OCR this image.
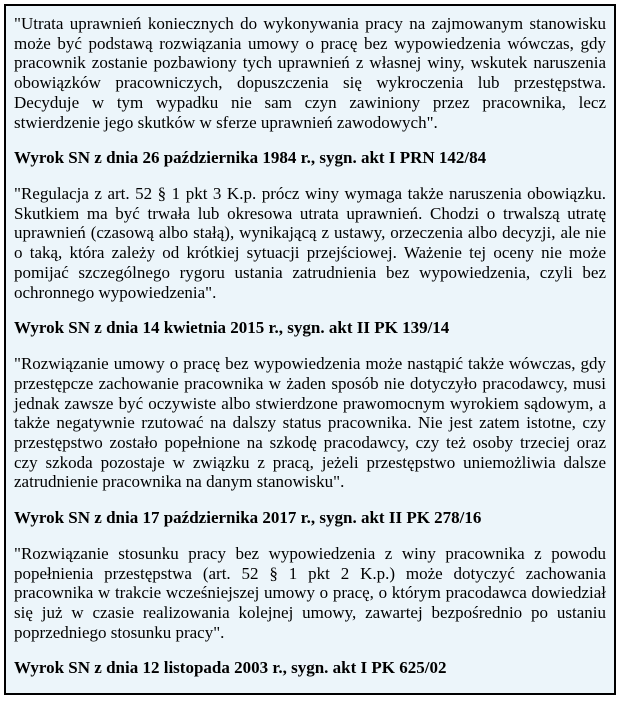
"Utrata uprawnień koniecznych do wykonywania pracy na zajmowanym stanowisku może być podstawą rozwiązania umowy o pracę bez wypowiedzenia wówczas, gdy pracownik zostanie pozbawiony tych uprawnień z własnej winy, wskutek naruszenia obowiązków pracowniczych, dopuszczenia się wykroczenia lub przestępstwa. Decyduje w tym wypadku nie sam czyn zawiniony przez pracownika, lecz stwierdzenie jego skutków w sferze uprawnień zawodowych".

Wyrok SN z dnia 26 października 1984 r., sygn. akt I PRN 142/84

"Regulacja z art. 52 § 1 pkt 3 K.p. prócz winy wymaga także naruszenia obowiązku. Skutkiem ma być trwała lub okresowa utrata uprawnień. Chodzi o trwalszą utratę uprawnień (czasową albo stałą), wynikającą z ustawy, orzeczenia albo decyzji, ale nie o taką, która zależy od krótkiej sytuacji przejściowej. Ważenie tej oceny nie może pomijać szczególnego rygoru ustania zatrudnienia bez wypowiedzenia, czyli bez ochronnego wypowiedzenia".

Wyrok SN z dnia 14 kwietnia 2015 r., sygn. akt II PK 139/14

"Rozwiązanie umowy o pracę bez wypowiedzenia może nastąpić także wówczas, gdy przestępcze zachowanie pracownika w żaden sposób nie dotyczyło pracodawcy, musi jednak zawsze być oczywiste albo stwierdzone prawomocnym wyrokiem sądowym, a także negatywnie rzutować na dalszy status pracownika. Nie jest zatem istotne, czy przestępstwo zostało popełnione na szkodę pracodawcy, czy też osoby trzeciej oraz czy szkoda pozostaje w związku z pracą, jeżeli przestępstwo uniemożliwia dalsze zatrudnienie pracownika na danym stanowisku".

Wyrok SN z dnia 17 października 2017 r., sygn. akt II PK 278/16

"Rozwiązanie stosunku pracy bez wypowiedzenia z winy pracownika z powodu popełnienia przestępstwa (art. 52 § 1 pkt 2 K.p.) może dotyczyć zachowania pracownika w trakcie wcześniejszej umowy o pracę, o którym pracodawca dowiedział się już w czasie realizowania kolejnej umowy, zawartej bezpośrednio po ustaniu poprzedniego stosunku pracy".

Wyrok SN z dnia 12 listopada 2003 r., sygn. akt I PK 625/02
